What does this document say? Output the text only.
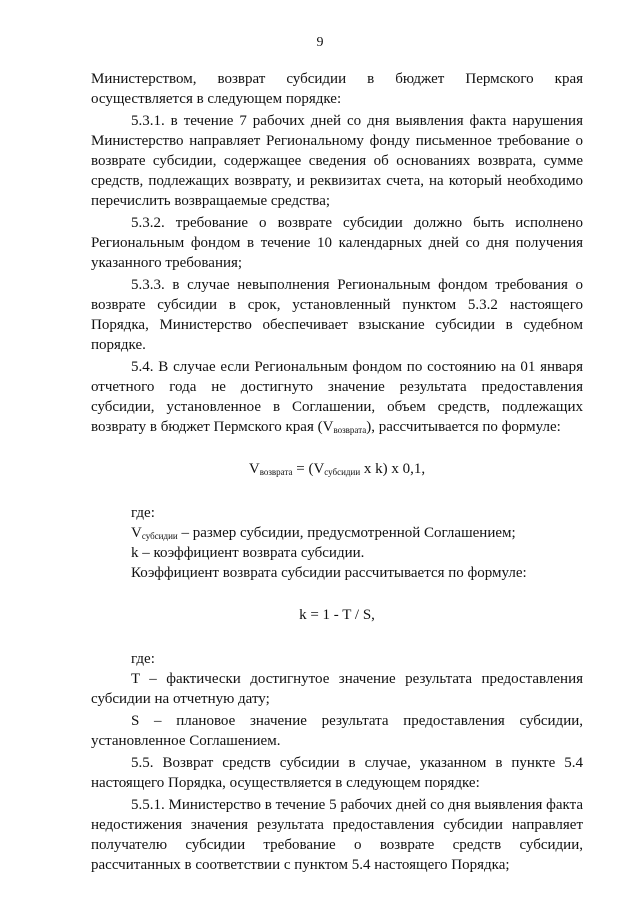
9

Министерством, возврат субсидии в бюджет Пермского края осуществляется в следующем порядке:

5.3.1. в течение 7 рабочих дней со дня выявления факта нарушения Министерство направляет Региональному фонду письменное требование о возврате субсидии, содержащее сведения об основаниях возврата, сумме средств, подлежащих возврату, и реквизитах счета, на который необходимо перечислить возвращаемые средства;

5.3.2. требование о возврате субсидии должно быть исполнено Региональным фондом в течение 10 календарных дней со дня получения указанного требования;

5.3.3. в случае невыполнения Региональным фондом требования о возврате субсидии в срок, установленный пунктом 5.3.2 настоящего Порядка, Министерство обеспечивает взыскание субсидии в судебном порядке.

5.4. В случае если Региональным фондом по состоянию на 01 января отчетного года не достигнуто значение результата предоставления субсидии, установленное в Соглашении, объем средств, подлежащих возврату в бюджет Пермского края $(V_{возврата})$, рассчитывается по формуле:

$V_{возврата} = (V_{субсидии}$ x k) x 0,1,

где:

$V_{субсидии}$ – размер субсидии, предусмотренной Соглашением;

k – коэффициент возврата субсидии.

Коэффициент возврата субсидии рассчитывается по формуле:

k = 1 - T / S,

где:

T – фактически достигнутое значение результата предоставления субсидии на отчетную дату;

S – плановое значение результата предоставления субсидии, установленное Соглашением.

5.5. Возврат средств субсидии в случае, указанном в пункте 5.4 настоящего Порядка, осуществляется в следующем порядке:

5.5.1. Министерство в течение 5 рабочих дней со дня выявления факта недостижения значения результата предоставления субсидии направляет получателю субсидии требование о возврате средств субсидии, рассчитанных в соответствии с пунктом 5.4 настоящего Порядка;
